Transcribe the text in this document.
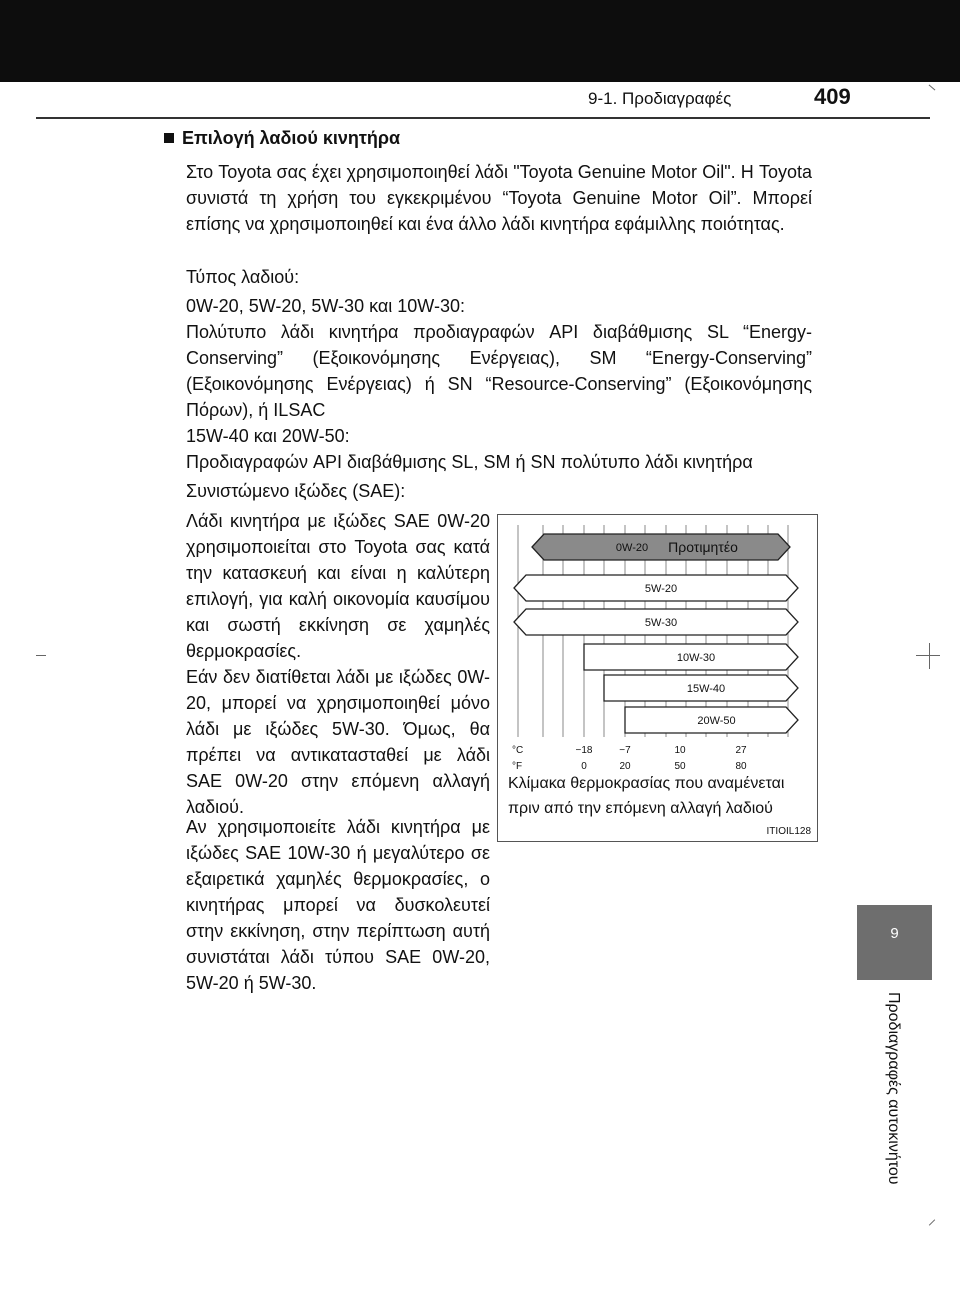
9-1. Προδιαγραφές	409
9
Προδιαγραφές αυτοκινήτου
Επιλογή λαδιού κινητήρα
Στο Toyota σας έχει χρησιμοποιηθεί λάδι "Toyota Genuine Motor Oil". Η Toyota συνιστά τη χρήση του εγκεκριμένου “Toyota Genuine Motor Oil”. Μπορεί επίσης να χρησιμοποιηθεί και ένα άλλο λάδι κινητήρα εφάμιλλης ποιότητας.
Τύπος λαδιού:
0W-20, 5W-20, 5W-30 και 10W-30:
Πολύτυπο λάδι κινητήρα προδιαγραφών API διαβάθμισης SL “Energy-Conserving” (Εξοικονόμησης Ενέργειας), SM “Energy-Conserving” (Εξοικονόμησης Ενέργειας) ή SN “Resource-Conserving” (Εξοικονόμησης Πόρων), ή ILSAC
15W-40 και 20W-50:
Προδιαγραφών API διαβάθμισης SL, SM ή SN πολύτυπο λάδι κινητήρα
Συνιστώμενο ιξώδες (SAE):
Λάδι κινητήρα με ιξώδες SAE 0W-20 χρησιμοποιείται στο Toyota σας κατά την κατασκευή και είναι η καλύτερη επιλογή, για καλή οικονομία καυσίμου και σωστή εκκίνηση σε χαμηλές θερμοκρασίες.
Εάν δεν διατίθεται λάδι με ιξώδες 0W-20, μπορεί να χρησιμοποιηθεί μόνο λάδι με ιξώδες 5W-30. Όμως, θα πρέπει να αντικατασταθεί με λάδι SAE 0W-20 στην επόμενη αλλαγή λαδιού.
Αν χρησιμοποιείτε λάδι κινητήρα με ιξώδες SAE 10W-30 ή μεγαλύτερο σε εξαιρετικά χαμηλές θερμοκρασίες, ο κινητήρας μπορεί να δυσκολευτεί στην εκκίνηση, στην περίπτωση αυτή συνιστάται λάδι τύπου SAE 0W-20, 5W-20 ή 5W-30.
0W-20
5W-20
5W-30
10W-30
15W-40
20W-50
Προτιμητέο
°C
°F
−18	−7	10	27
0	20	50	80
Κλίμακα θερμοκρασίας που αναμένεται πριν από την επόμενη αλλαγή λαδιού
ITIOIL128
